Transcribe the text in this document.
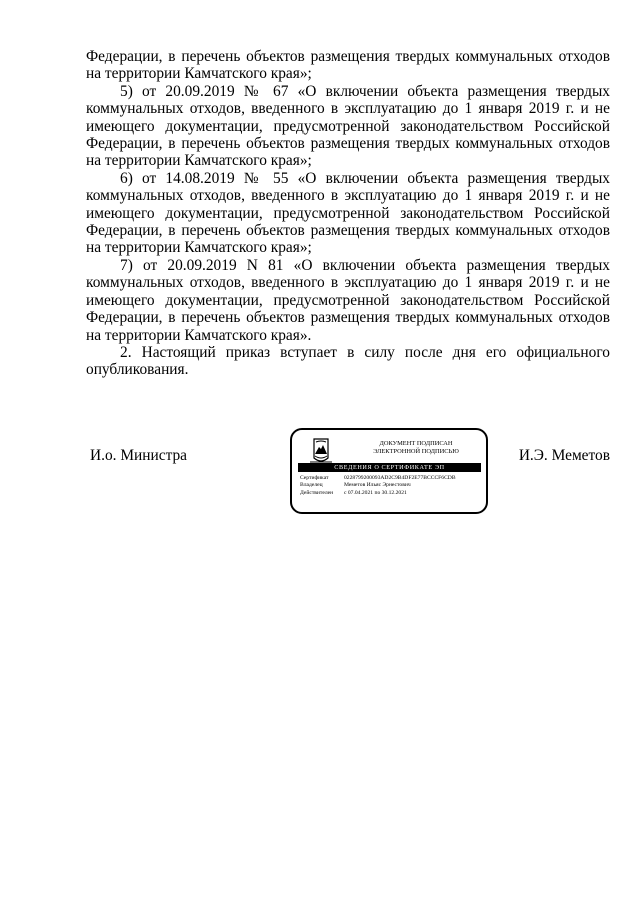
Федерации, в перечень объектов размещения твердых коммунальных отходов на территории Камчатского края»;

5) от 20.09.2019 № 67 «О включении объекта размещения твердых коммунальных отходов, введенного в эксплуатацию до 1 января 2019 г. и не имеющего документации, предусмотренной законодательством Российской Федерации, в перечень объектов размещения твердых коммунальных отходов на территории Камчатского края»;

6) от 14.08.2019 № 55 «О включении объекта размещения твердых коммунальных отходов, введенного в эксплуатацию до 1 января 2019 г. и не имеющего документации, предусмотренной законодательством Российской Федерации, в перечень объектов размещения твердых коммунальных отходов на территории Камчатского края»;

7) от 20.09.2019 N 81 «О включении объекта размещения твердых коммунальных отходов, введенного в эксплуатацию до 1 января 2019 г. и не имеющего документации, предусмотренной законодательством Российской Федерации, в перечень объектов размещения твердых коммунальных отходов на территории Камчатского края».

2. Настоящий приказ вступает в силу после дня его официального опубликования.

И.о. Министра
ДОКУМЕНТ ПОДПИСАН
ЭЛЕКТРОННОЙ ПОДПИСЬЮ
СВЕДЕНИЯ О СЕРТИФИКАТЕ ЭП
Сертификат	0228799200093AD2C9B4DF2E77BCCCF6CDB
Владелец	Меметов Ильяс Эрнестович
Действителен	с 07.04.2021 по 30.12.2021
И.Э. Меметов
